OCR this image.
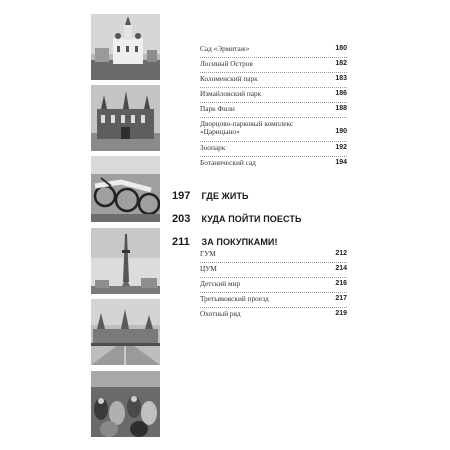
Сад «Эрмитаж»	180
Лосиный Остров	182
Коломенский парк	183
Измайловский парк	186
Парк Фили	188
Дворцово-парковый комплекс «Царицыно»	190
Зоопарк	192
Ботанический сад	194
197 ГДЕ ЖИТЬ
203 КУДА ПОЙТИ ПОЕСТЬ
211 ЗА ПОКУПКАМИ!
ГУМ	212
ЦУМ	214
Детский мир	216
Третьяковский проезд	217
Охотный ряд	219
